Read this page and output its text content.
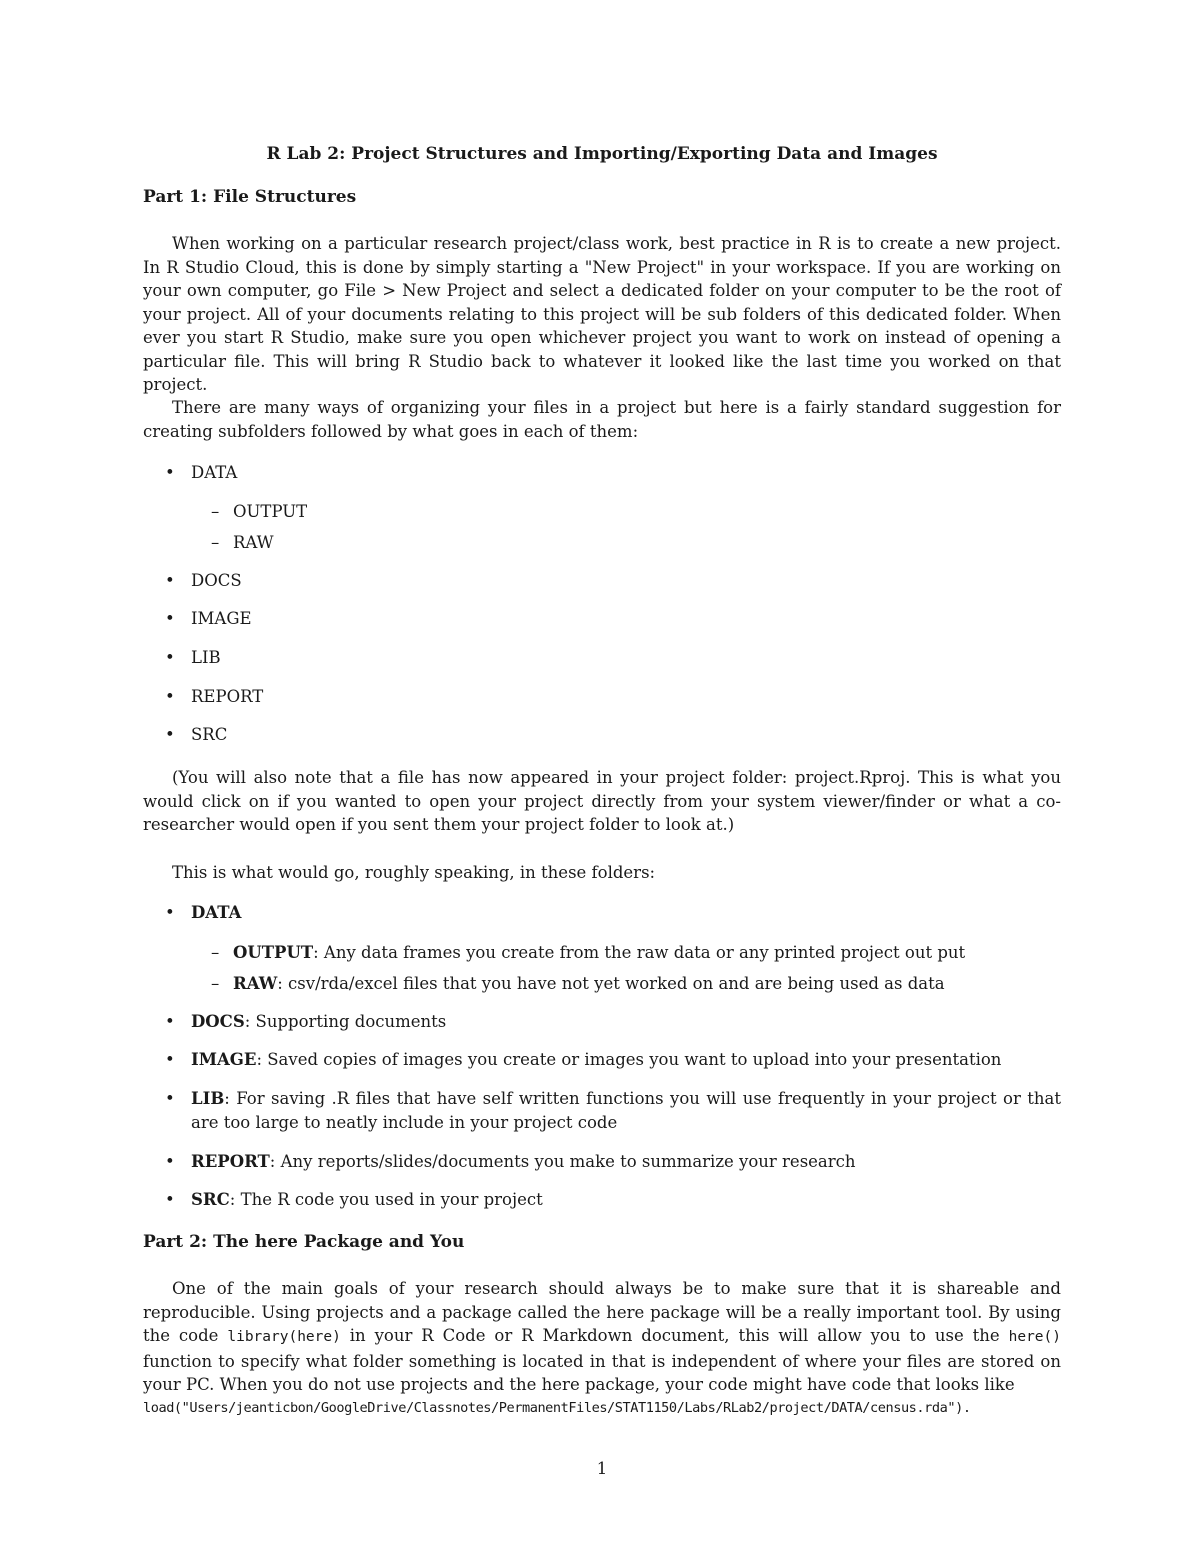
R Lab 2: Project Structures and Importing/Exporting Data and Images
Part 1: File Structures
When working on a particular research project/class work, best practice in R is to create a new project. In R Studio Cloud, this is done by simply starting a "New Project" in your workspace. If you are working on your own computer, go File > New Project and select a dedicated folder on your computer to be the root of your project. All of your documents relating to this project will be sub folders of this dedicated folder. When ever you start R Studio, make sure you open whichever project you want to work on instead of opening a particular file. This will bring R Studio back to whatever it looked like the last time you worked on that project.
There are many ways of organizing your files in a project but here is a fairly standard suggestion for creating subfolders followed by what goes in each of them:
• DATA
– OUTPUT
– RAW
• DOCS
• IMAGE
• LIB
• REPORT
• SRC
(You will also note that a file has now appeared in your project folder: project.Rproj. This is what you would click on if you wanted to open your project directly from your system viewer/finder or what a co-researcher would open if you sent them your project folder to look at.)
This is what would go, roughly speaking, in these folders:
• DATA
– OUTPUT: Any data frames you create from the raw data or any printed project out put
– RAW: csv/rda/excel files that you have not yet worked on and are being used as data
• DOCS: Supporting documents
• IMAGE: Saved copies of images you create or images you want to upload into your presentation
• LIB: For saving .R files that have self written functions you will use frequently in your project or that are too large to neatly include in your project code
• REPORT: Any reports/slides/documents you make to summarize your research
• SRC: The R code you used in your project
Part 2: The here Package and You
One of the main goals of your research should always be to make sure that it is shareable and reproducible. Using projects and a package called the here package will be a really important tool. By using the code library(here) in your R Code or R Markdown document, this will allow you to use the here() function to specify what folder something is located in that is independent of where your files are stored on your PC. When you do not use projects and the here package, your code might have code that looks like
load("Users/jeanticbon/GoogleDrive/Classnotes/PermanentFiles/STAT1150/Labs/RLab2/project/DATA/census.rda").
1
